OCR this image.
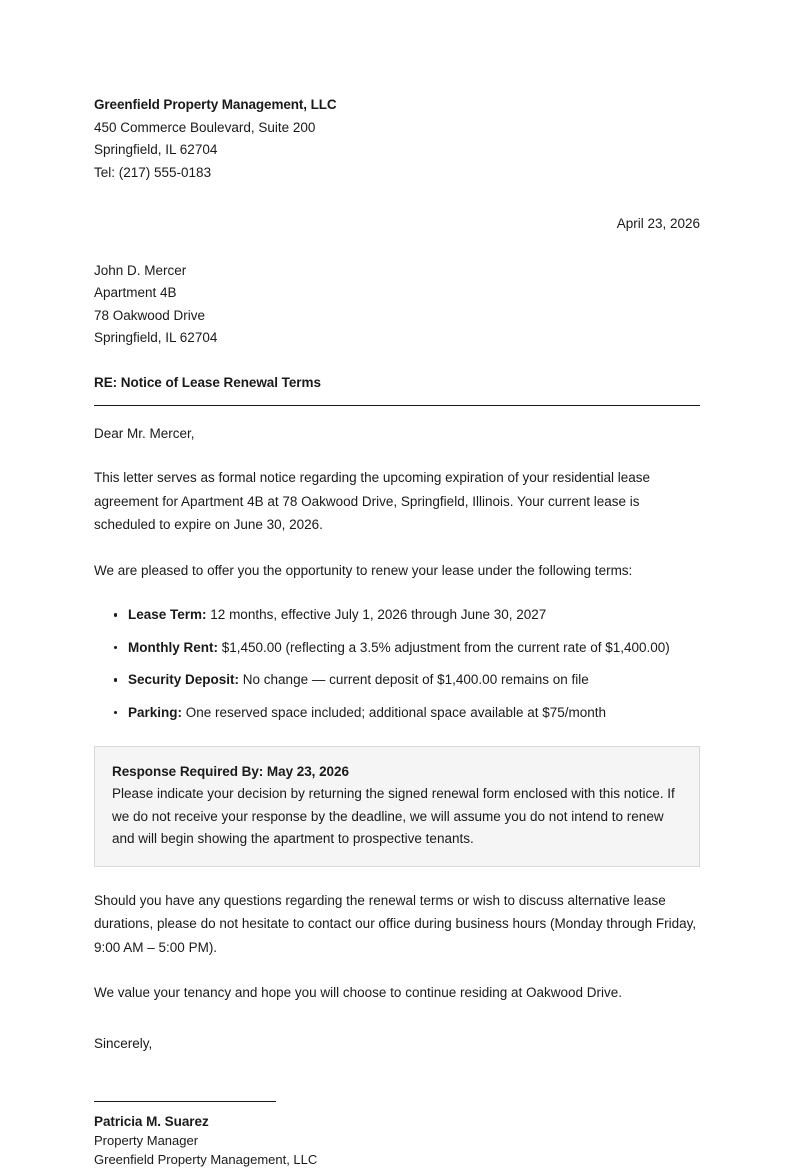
Greenfield Property Management, LLC
450 Commerce Boulevard, Suite 200
Springfield, IL 62704
Tel: (217) 555-0183
April 23, 2026
John D. Mercer
Apartment 4B
78 Oakwood Drive
Springfield, IL 62704
RE: Notice of Lease Renewal Terms
Dear Mr. Mercer,

This letter serves as formal notice regarding the upcoming expiration of your residential lease agreement for Apartment 4B at 78 Oakwood Drive, Springfield, Illinois. Your current lease is scheduled to expire on June 30, 2026.

We are pleased to offer you the opportunity to renew your lease under the following terms:

Lease Term: 12 months, effective July 1, 2026 through June 30, 2027
Monthly Rent: $1,450.00 (reflecting a 3.5% adjustment from the current rate of $1,400.00)
Security Deposit: No change — current deposit of $1,400.00 remains on file
Parking: One reserved space included; additional space available at $75/month
Response Required By: May 23, 2026
Please indicate your decision by returning the signed renewal form enclosed with this notice. If we do not receive your response by the deadline, we will assume you do not intend to renew and will begin showing the apartment to prospective tenants.

Should you have any questions regarding the renewal terms or wish to discuss alternative lease durations, please do not hesitate to contact our office during business hours (Monday through Friday, 9:00 AM – 5:00 PM).

We value your tenancy and hope you will choose to continue residing at Oakwood Drive.

Sincerely,
Patricia M. Suarez
Property Manager
Greenfield Property Management, LLC
